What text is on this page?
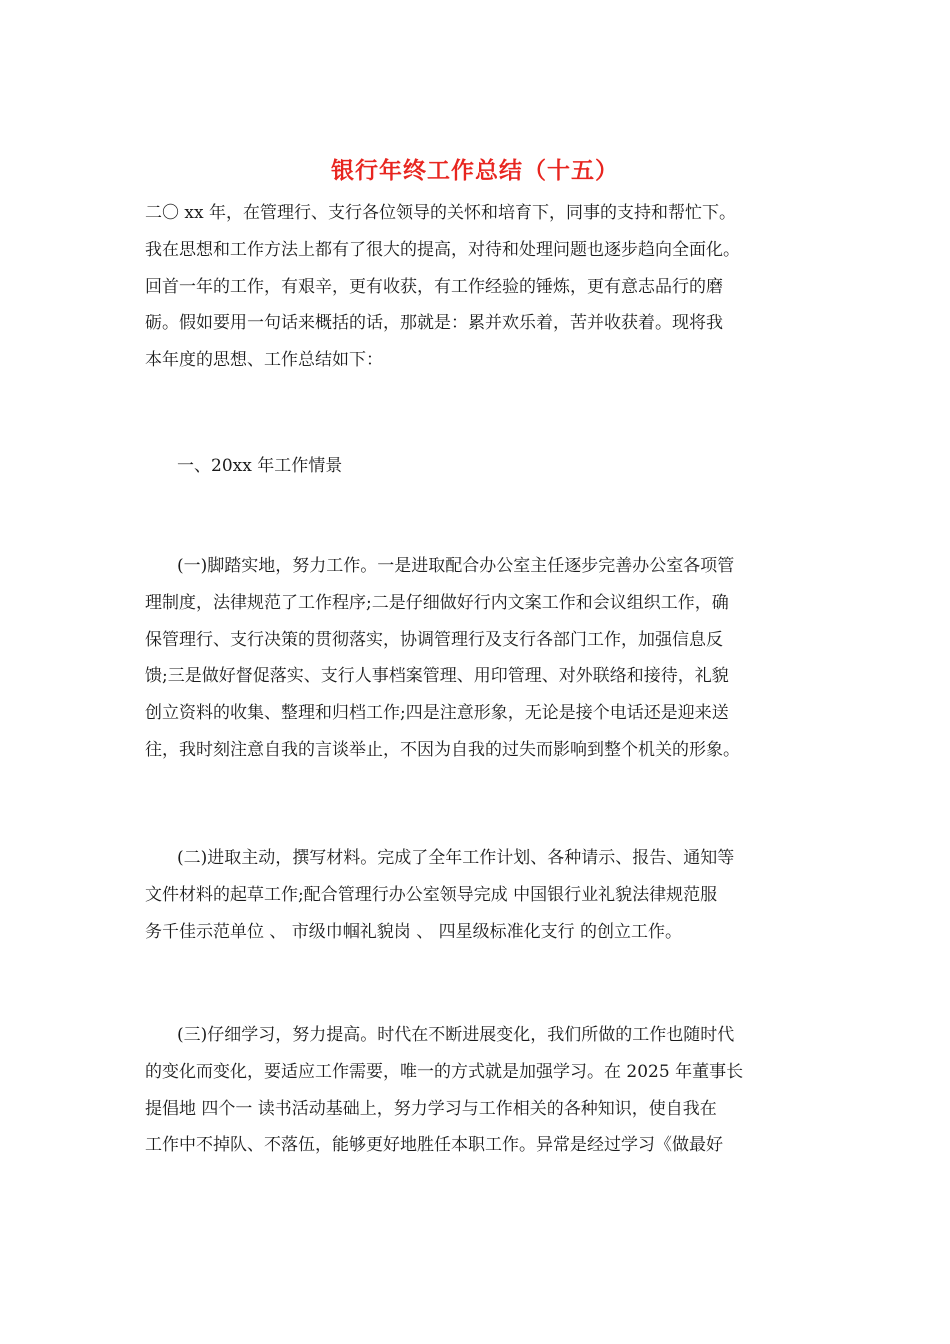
银行年终工作总结（十五）
二〇 xx 年，在管理行、支行各位领导的关怀和培育下，同事的支持和帮忙下。
我在思想和工作方法上都有了很大的提高，对待和处理问题也逐步趋向全面化。
回首一年的工作，有艰辛，更有收获，有工作经验的锤炼，更有意志品行的磨
砺。假如要用一句话来概括的话，那就是：累并欢乐着，苦并收获着。现将我
本年度的思想、工作总结如下：
一、20xx 年工作情景
(一)脚踏实地，努力工作。一是进取配合办公室主任逐步完善办公室各项管
理制度，法律规范了工作程序;二是仔细做好行内文案工作和会议组织工作，确
保管理行、支行决策的贯彻落实，协调管理行及支行各部门工作，加强信息反
馈;三是做好督促落实、支行人事档案管理、用印管理、对外联络和接待，礼貌
创立资料的收集、整理和归档工作;四是注意形象，无论是接个电话还是迎来送
往，我时刻注意自我的言谈举止，不因为自我的过失而影响到整个机关的形象。
(二)进取主动，撰写材料。完成了全年工作计划、各种请示、报告、通知等
文件材料的起草工作;配合管理行办公室领导完成 中国银行业礼貌法律规范服
务千佳示范单位 、 市级巾帼礼貌岗 、 四星级标准化支行 的创立工作。
(三)仔细学习，努力提高。时代在不断进展变化，我们所做的工作也随时代
的变化而变化，要适应工作需要，唯一的方式就是加强学习。在 2025 年董事长
提倡地 四个一 读书活动基础上，努力学习与工作相关的各种知识，使自我在
工作中不掉队、不落伍，能够更好地胜任本职工作。异常是经过学习《做最好
